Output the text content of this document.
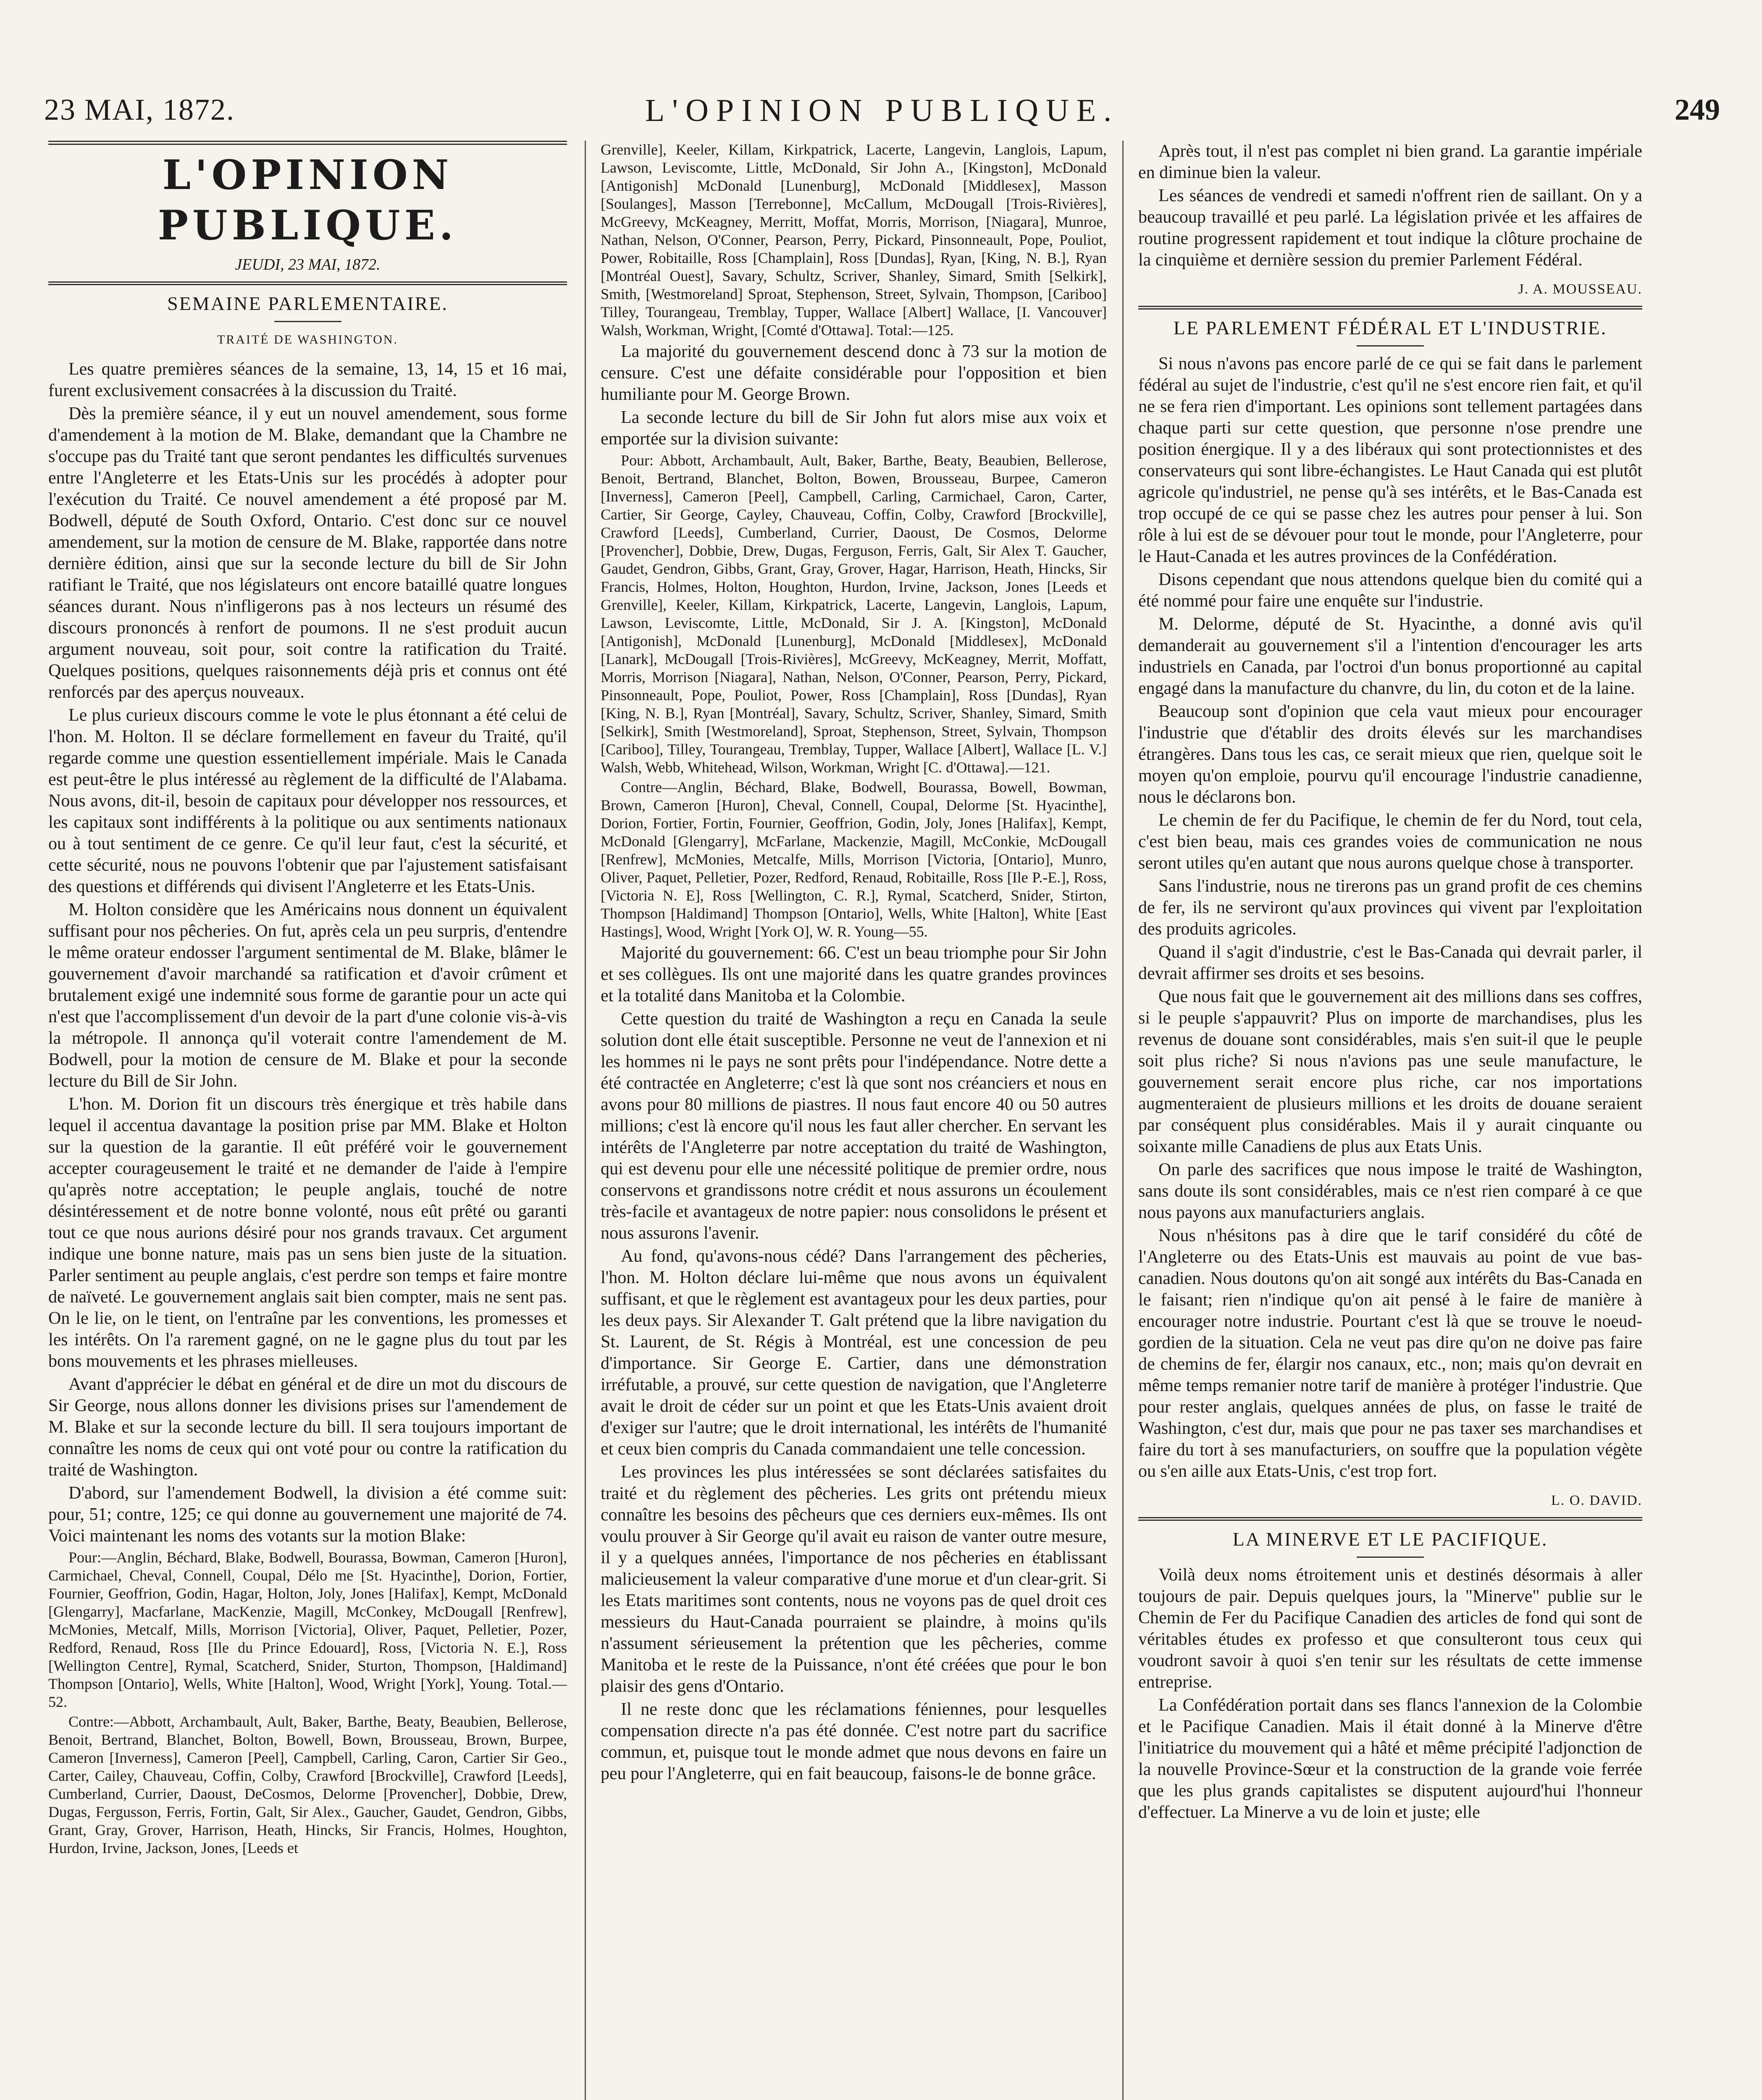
23 MAI, 1872.	L'OPINION PUBLIQUE.	249
L'OPINION PUBLIQUE.
JEUDI, 23 MAI, 1872.
SEMAINE PARLEMENTAIRE.
TRAITÉ DE WASHINGTON.

Les quatre premières séances de la semaine, 13, 14, 15 et 16 mai, furent exclusivement consacrées à la discussion du Traité.

Dès la première séance, il y eut un nouvel amendement, sous forme d'amendement à la motion de M. Blake, demandant que la Chambre ne s'occupe pas du Traité tant que seront pendantes les difficultés survenues entre l'Angleterre et les Etats-Unis sur les procédés à adopter pour l'exécution du Traité. Ce nouvel amendement a été proposé par M. Bodwell, député de South Oxford, Ontario. C'est donc sur ce nouvel amendement, sur la motion de censure de M. Blake, rapportée dans notre dernière édition, ainsi que sur la seconde lecture du bill de Sir John ratifiant le Traité, que nos législateurs ont encore bataillé quatre longues séances durant. Nous n'infligerons pas à nos lecteurs un résumé des discours prononcés à renfort de poumons. Il ne s'est produit aucun argument nouveau, soit pour, soit contre la ratification du Traité. Quelques positions, quelques raisonnements déjà pris et connus ont été renforcés par des aperçus nouveaux.

Le plus curieux discours comme le vote le plus étonnant a été celui de l'hon. M. Holton. Il se déclare formellement en faveur du Traité, qu'il regarde comme une question essentiellement impériale. Mais le Canada est peut-être le plus intéressé au règlement de la difficulté de l'Alabama. Nous avons, dit-il, besoin de capitaux pour développer nos ressources, et les capitaux sont indifférents à la politique ou aux sentiments nationaux ou à tout sentiment de ce genre. Ce qu'il leur faut, c'est la sécurité, et cette sécurité, nous ne pouvons l'obtenir que par l'ajustement satisfaisant des questions et différends qui divisent l'Angleterre et les Etats-Unis.

M. Holton considère que les Américains nous donnent un équivalent suffisant pour nos pêcheries. On fut, après cela un peu surpris, d'entendre le même orateur endosser l'argument sentimental de M. Blake, blâmer le gouvernement d'avoir marchandé sa ratification et d'avoir crûment et brutalement exigé une indemnité sous forme de garantie pour un acte qui n'est que l'accomplissement d'un devoir de la part d'une colonie vis-à-vis la métropole. Il annonça qu'il voterait contre l'amendement de M. Bodwell, pour la motion de censure de M. Blake et pour la seconde lecture du Bill de Sir John.

L'hon. M. Dorion fit un discours très énergique et très habile dans lequel il accentua davantage la position prise par MM. Blake et Holton sur la question de la garantie. Il eût préféré voir le gouvernement accepter courageusement le traité et ne demander de l'aide à l'empire qu'après notre acceptation; le peuple anglais, touché de notre désintéressement et de notre bonne volonté, nous eût prêté ou garanti tout ce que nous aurions désiré pour nos grands travaux. Cet argument indique une bonne nature, mais pas un sens bien juste de la situation. Parler sentiment au peuple anglais, c'est perdre son temps et faire montre de naïveté. Le gouvernement anglais sait bien compter, mais ne sent pas. On le lie, on le tient, on l'entraîne par les conventions, les promesses et les intérêts. On l'a rarement gagné, on ne le gagne plus du tout par les bons mouvements et les phrases mielleuses.

Avant d'apprécier le débat en général et de dire un mot du discours de Sir George, nous allons donner les divisions prises sur l'amendement de M. Blake et sur la seconde lecture du bill. Il sera toujours important de connaître les noms de ceux qui ont voté pour ou contre la ratification du traité de Washington.

D'abord, sur l'amendement Bodwell, la division a été comme suit: pour, 51; contre, 125; ce qui donne au gouvernement une majorité de 74. Voici maintenant les noms des votants sur la motion Blake:

Pour:—Anglin, Béchard, Blake, Bodwell, Bourassa, Bowman, Cameron [Huron], Carmichael, Cheval, Connell, Coupal, Délo me [St. Hyacinthe], Dorion, Fortier, Fournier, Geoffrion, Godin, Hagar, Holton, Joly, Jones [Halifax], Kempt, McDonald [Glengarry], Macfarlane, MacKenzie, Magill, McConkey, McDougall [Renfrew], McMonies, Metcalf, Mills, Morrison [Victoria], Oliver, Paquet, Pelletier, Pozer, Redford, Renaud, Ross [Ile du Prince Edouard], Ross, [Victoria N. E.], Ross [Wellington Centre], Rymal, Scatcherd, Snider, Sturton, Thompson, [Haldimand] Thompson [Ontario], Wells, White [Halton], Wood, Wright [York], Young. Total.—52.

Contre:—Abbott, Archambault, Ault, Baker, Barthe, Beaty, Beaubien, Bellerose, Benoit, Bertrand, Blanchet, Bolton, Bowell, Bown, Brousseau, Brown, Burpee, Cameron [Inverness], Cameron [Peel], Campbell, Carling, Caron, Cartier Sir Geo., Carter, Cailey, Chauveau, Coffin, Colby, Crawford [Brockville], Crawford [Leeds], Cumberland, Currier, Daoust, DeCosmos, Delorme [Provencher], Dobbie, Drew, Dugas, Fergusson, Ferris, Fortin, Galt, Sir Alex., Gaucher, Gaudet, Gendron, Gibbs, Grant, Gray, Grover, Harrison, Heath, Hincks, Sir Francis, Holmes, Houghton, Hurdon, Irvine, Jackson, Jones, [Leeds et

Grenville], Keeler, Killam, Kirkpatrick, Lacerte, Langevin, Langlois, Lapum, Lawson, Leviscomte, Little, McDonald, Sir John A., [Kingston], McDonald [Antigonish] McDonald [Lunenburg], McDonald [Middlesex], Masson [Soulanges], Masson [Terrebonne], McCallum, McDougall [Trois-Rivières], McGreevy, McKeagney, Merritt, Moffat, Morris, Morrison, [Niagara], Munroe, Nathan, Nelson, O'Conner, Pearson, Perry, Pickard, Pinsonneault, Pope, Pouliot, Power, Robitaille, Ross [Champlain], Ross [Dundas], Ryan, [King, N. B.], Ryan [Montréal Ouest], Savary, Schultz, Scriver, Shanley, Simard, Smith [Selkirk], Smith, [Westmoreland] Sproat, Stephenson, Street, Sylvain, Thompson, [Cariboo] Tilley, Tourangeau, Tremblay, Tupper, Wallace [Albert] Wallace, [I. Vancouver] Walsh, Workman, Wright, [Comté d'Ottawa]. Total:—125.

La majorité du gouvernement descend donc à 73 sur la motion de censure. C'est une défaite considérable pour l'opposition et bien humiliante pour M. George Brown.

La seconde lecture du bill de Sir John fut alors mise aux voix et emportée sur la division suivante:

Pour: Abbott, Archambault, Ault, Baker, Barthe, Beaty, Beaubien, Bellerose, Benoit, Bertrand, Blanchet, Bolton, Bowen, Brousseau, Burpee, Cameron [Inverness], Cameron [Peel], Campbell, Carling, Carmichael, Caron, Carter, Cartier, Sir George, Cayley, Chauveau, Coffin, Colby, Crawford [Brockville], Crawford [Leeds], Cumberland, Currier, Daoust, De Cosmos, Delorme [Provencher], Dobbie, Drew, Dugas, Ferguson, Ferris, Galt, Sir Alex T. Gaucher, Gaudet, Gendron, Gibbs, Grant, Gray, Grover, Hagar, Harrison, Heath, Hincks, Sir Francis, Holmes, Holton, Houghton, Hurdon, Irvine, Jackson, Jones [Leeds et Grenville], Keeler, Killam, Kirkpatrick, Lacerte, Langevin, Langlois, Lapum, Lawson, Leviscomte, Little, McDonald, Sir J. A. [Kingston], McDonald [Antigonish], McDonald [Lunenburg], McDonald [Middlesex], McDonald [Lanark], McDougall [Trois-Rivières], McGreevy, McKeagney, Merrit, Moffatt, Morris, Morrison [Niagara], Nathan, Nelson, O'Conner, Pearson, Perry, Pickard, Pinsonneault, Pope, Pouliot, Power, Ross [Champlain], Ross [Dundas], Ryan [King, N. B.], Ryan [Montréal], Savary, Schultz, Scriver, Shanley, Simard, Smith [Selkirk], Smith [Westmoreland], Sproat, Stephenson, Street, Sylvain, Thompson [Cariboo], Tilley, Tourangeau, Tremblay, Tupper, Wallace [Albert], Wallace [L. V.] Walsh, Webb, Whitehead, Wilson, Workman, Wright [C. d'Ottawa].—121.

Contre—Anglin, Béchard, Blake, Bodwell, Bourassa, Bowell, Bowman, Brown, Cameron [Huron], Cheval, Connell, Coupal, Delorme [St. Hyacinthe], Dorion, Fortier, Fortin, Fournier, Geoffrion, Godin, Joly, Jones [Halifax], Kempt, McDonald [Glengarry], McFarlane, Mackenzie, Magill, McConkie, McDougall [Renfrew], McMonies, Metcalfe, Mills, Morrison [Victoria, [Ontario], Munro, Oliver, Paquet, Pelletier, Pozer, Redford, Renaud, Robitaille, Ross [Ile P.-E.], Ross, [Victoria N. E], Ross [Wellington, C. R.], Rymal, Scatcherd, Snider, Stirton, Thompson [Haldimand] Thompson [Ontario], Wells, White [Halton], White [East Hastings], Wood, Wright [York O], W. R. Young—55.

Majorité du gouvernement: 66. C'est un beau triomphe pour Sir John et ses collègues. Ils ont une majorité dans les quatre grandes provinces et la totalité dans Manitoba et la Colombie.

Cette question du traité de Washington a reçu en Canada la seule solution dont elle était susceptible. Personne ne veut de l'annexion et ni les hommes ni le pays ne sont prêts pour l'indépendance. Notre dette a été contractée en Angleterre; c'est là que sont nos créanciers et nous en avons pour 80 millions de piastres. Il nous faut encore 40 ou 50 autres millions; c'est là encore qu'il nous les faut aller chercher. En servant les intérêts de l'Angleterre par notre acceptation du traité de Washington, qui est devenu pour elle une nécessité politique de premier ordre, nous conservons et grandissons notre crédit et nous assurons un écoulement très-facile et avantageux de notre papier: nous consolidons le présent et nous assurons l'avenir.

Au fond, qu'avons-nous cédé? Dans l'arrangement des pêcheries, l'hon. M. Holton déclare lui-même que nous avons un équivalent suffisant, et que le règlement est avantageux pour les deux parties, pour les deux pays. Sir Alexander T. Galt prétend que la libre navigation du St. Laurent, de St. Régis à Montréal, est une concession de peu d'importance. Sir George E. Cartier, dans une démonstration irréfutable, a prouvé, sur cette question de navigation, que l'Angleterre avait le droit de céder sur un point et que les Etats-Unis avaient droit d'exiger sur l'autre; que le droit international, les intérêts de l'humanité et ceux bien compris du Canada commandaient une telle concession.

Les provinces les plus intéressées se sont déclarées satisfaites du traité et du règlement des pêcheries. Les grits ont prétendu mieux connaître les besoins des pêcheurs que ces derniers eux-mêmes. Ils ont voulu prouver à Sir George qu'il avait eu raison de vanter outre mesure, il y a quelques années, l'importance de nos pêcheries en établissant malicieusement la valeur comparative d'une morue et d'un clear-grit. Si les Etats maritimes sont contents, nous ne voyons pas de quel droit ces messieurs du Haut-Canada pourraient se plaindre, à moins qu'ils n'assument sérieusement la prétention que les pêcheries, comme Manitoba et le reste de la Puissance, n'ont été créées que pour le bon plaisir des gens d'Ontario.

Il ne reste donc que les réclamations féniennes, pour lesquelles compensation directe n'a pas été donnée. C'est notre part du sacrifice commun, et, puisque tout le monde admet que nous devons en faire un peu pour l'Angleterre, qui en fait beaucoup, faisons-le de bonne grâce.

Après tout, il n'est pas complet ni bien grand. La garantie impériale en diminue bien la valeur.

Les séances de vendredi et samedi n'offrent rien de saillant. On y a beaucoup travaillé et peu parlé. La législation privée et les affaires de routine progressent rapidement et tout indique la clôture prochaine de la cinquième et dernière session du premier Parlement Fédéral.

J. A. MOUSSEAU.

LE PARLEMENT FÉDÉRAL ET L'INDUSTRIE.

Si nous n'avons pas encore parlé de ce qui se fait dans le parlement fédéral au sujet de l'industrie, c'est qu'il ne s'est encore rien fait, et qu'il ne se fera rien d'important. Les opinions sont tellement partagées dans chaque parti sur cette question, que personne n'ose prendre une position énergique. Il y a des libéraux qui sont protectionnistes et des conservateurs qui sont libre-échangistes. Le Haut Canada qui est plutôt agricole qu'industriel, ne pense qu'à ses intérêts, et le Bas-Canada est trop occupé de ce qui se passe chez les autres pour penser à lui. Son rôle à lui est de se dévouer pour tout le monde, pour l'Angleterre, pour le Haut-Canada et les autres provinces de la Confédération.

Disons cependant que nous attendons quelque bien du comité qui a été nommé pour faire une enquête sur l'industrie.

M. Delorme, député de St. Hyacinthe, a donné avis qu'il demanderait au gouvernement s'il a l'intention d'encourager les arts industriels en Canada, par l'octroi d'un bonus proportionné au capital engagé dans la manufacture du chanvre, du lin, du coton et de la laine.

Beaucoup sont d'opinion que cela vaut mieux pour encourager l'industrie que d'établir des droits élevés sur les marchandises étrangères. Dans tous les cas, ce serait mieux que rien, quelque soit le moyen qu'on emploie, pourvu qu'il encourage l'industrie canadienne, nous le déclarons bon.

Le chemin de fer du Pacifique, le chemin de fer du Nord, tout cela, c'est bien beau, mais ces grandes voies de communication ne nous seront utiles qu'en autant que nous aurons quelque chose à transporter.

Sans l'industrie, nous ne tirerons pas un grand profit de ces chemins de fer, ils ne serviront qu'aux provinces qui vivent par l'exploitation des produits agricoles.

Quand il s'agit d'industrie, c'est le Bas-Canada qui devrait parler, il devrait affirmer ses droits et ses besoins.

Que nous fait que le gouvernement ait des millions dans ses coffres, si le peuple s'appauvrit? Plus on importe de marchandises, plus les revenus de douane sont considérables, mais s'en suit-il que le peuple soit plus riche? Si nous n'avions pas une seule manufacture, le gouvernement serait encore plus riche, car nos importations augmenteraient de plusieurs millions et les droits de douane seraient par conséquent plus considérables. Mais il y aurait cinquante ou soixante mille Canadiens de plus aux Etats Unis.

On parle des sacrifices que nous impose le traité de Washington, sans doute ils sont considérables, mais ce n'est rien comparé à ce que nous payons aux manufacturiers anglais.

Nous n'hésitons pas à dire que le tarif considéré du côté de l'Angleterre ou des Etats-Unis est mauvais au point de vue bas-canadien. Nous doutons qu'on ait songé aux intérêts du Bas-Canada en le faisant; rien n'indique qu'on ait pensé à le faire de manière à encourager notre industrie. Pourtant c'est là que se trouve le noeud-gordien de la situation. Cela ne veut pas dire qu'on ne doive pas faire de chemins de fer, élargir nos canaux, etc., non; mais qu'on devrait en même temps remanier notre tarif de manière à protéger l'industrie. Que pour rester anglais, quelques années de plus, on fasse le traité de Washington, c'est dur, mais que pour ne pas taxer ses marchandises et faire du tort à ses manufacturiers, on souffre que la population végète ou s'en aille aux Etats-Unis, c'est trop fort.

L. O. DAVID.

LA MINERVE ET LE PACIFIQUE.

Voilà deux noms étroitement unis et destinés désormais à aller toujours de pair. Depuis quelques jours, la "Minerve" publie sur le Chemin de Fer du Pacifique Canadien des articles de fond qui sont de véritables études ex professo et que consulteront tous ceux qui voudront savoir à quoi s'en tenir sur les résultats de cette immense entreprise.

La Confédération portait dans ses flancs l'annexion de la Colombie et le Pacifique Canadien. Mais il était donné à la Minerve d'être l'initiatrice du mouvement qui a hâté et même précipité l'adjonction de la nouvelle Province-Sœur et la construction de la grande voie ferrée que les plus grands capitalistes se disputent aujourd'hui l'honneur d'effectuer. La Minerve a vu de loin et juste; elle
